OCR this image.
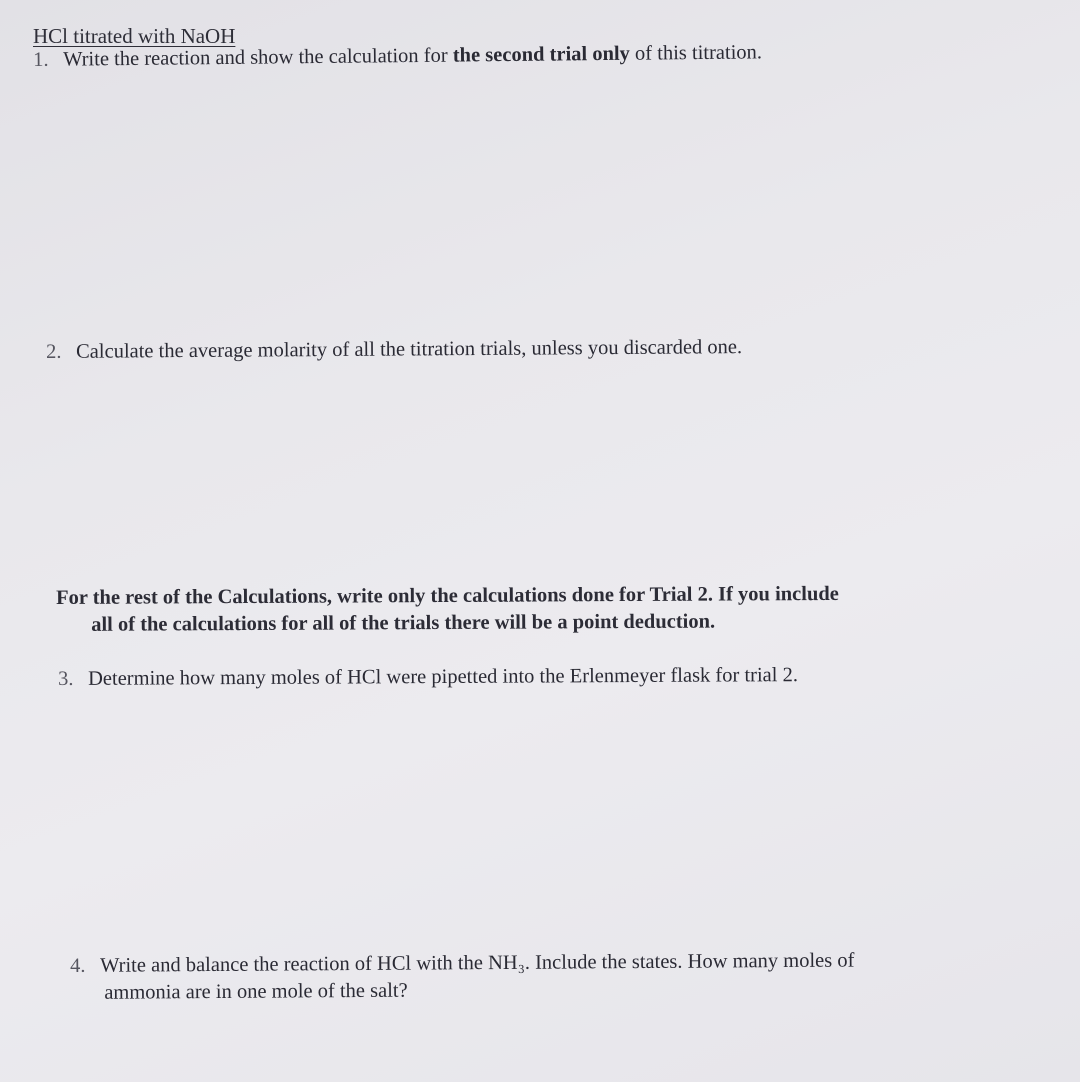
HCl titrated with NaOH
1. Write the reaction and show the calculation for the second trial only of this titration.
2. Calculate the average molarity of all the titration trials, unless you discarded one.
For the rest of the Calculations, write only the calculations done for Trial 2. If you include
all of the calculations for all of the trials there will be a point deduction.
3. Determine how many moles of HCl were pipetted into the Erlenmeyer flask for trial 2.
4. Write and balance the reaction of HCl with the NH₃. Include the states. How many moles of
ammonia are in one mole of the salt?
